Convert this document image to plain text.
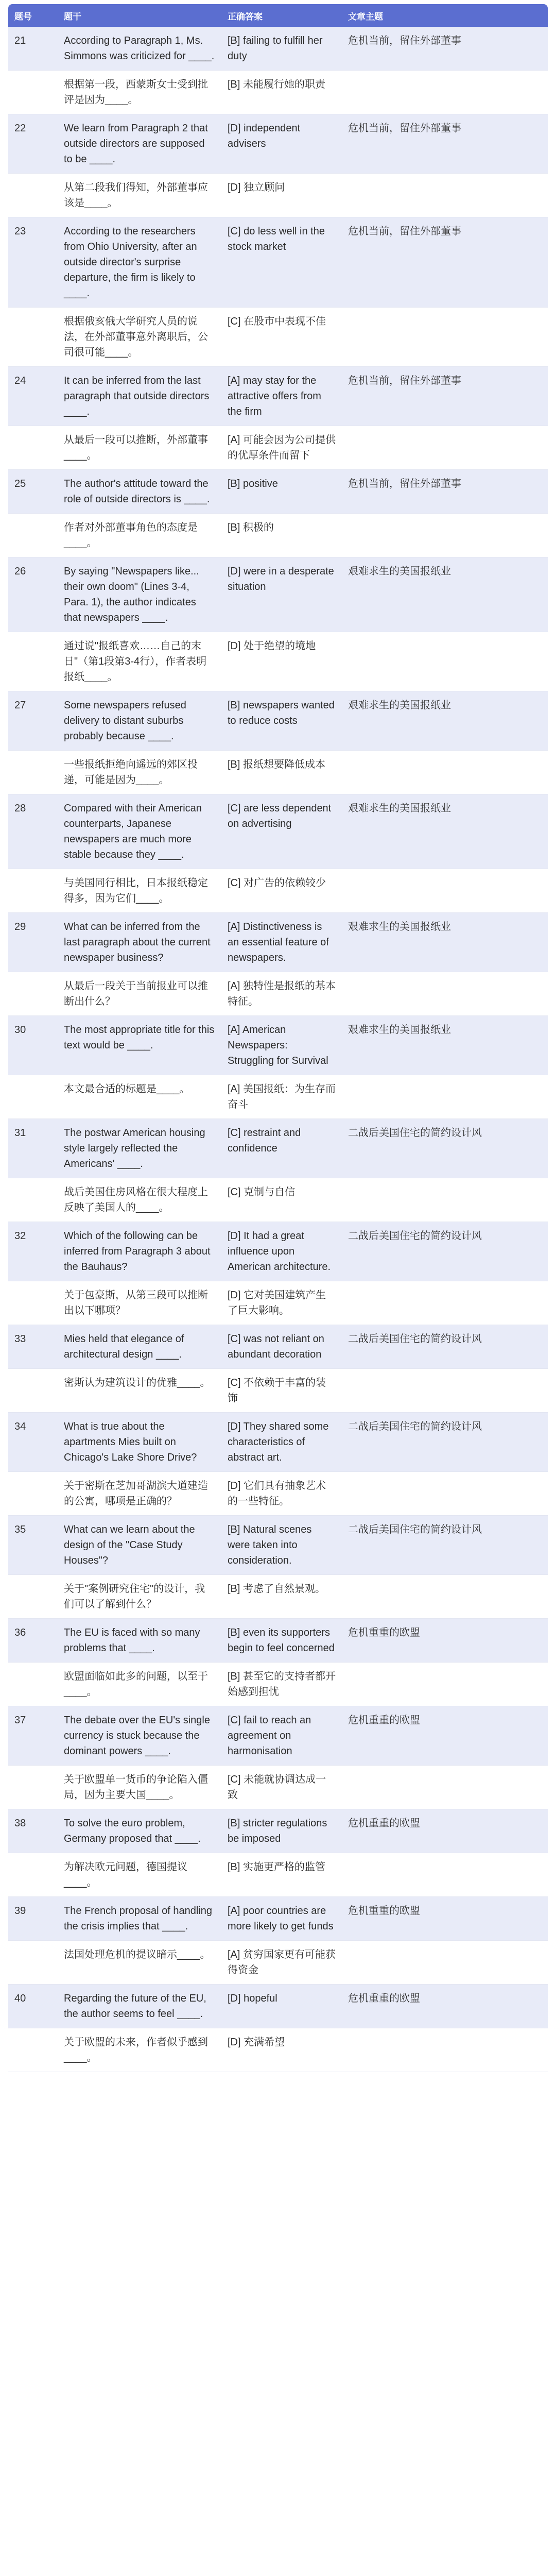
题号	题干	正确答案	文章主题
21	According to Paragraph 1, Ms. Simmons was criticized for ____.	[B] failing to fulfill her duty	危机当前，留住外部董事
	根据第一段，西蒙斯女士受到批评是因为____。	[B] 未能履行她的职责	
22	We learn from Paragraph 2 that outside directors are supposed to be ____.	[D] independent advisers	危机当前，留住外部董事
	从第二段我们得知，外部董事应该是____。	[D] 独立顾问	
23	According to the researchers from Ohio University, after an outside director's surprise departure, the firm is likely to ____.	[C] do less well in the stock market	危机当前，留住外部董事
	根据俄亥俄大学研究人员的说法，在外部董事意外离职后，公司很可能____。	[C] 在股市中表现不佳	
24	It can be inferred from the last paragraph that outside directors ____.	[A] may stay for the attractive offers from the firm	危机当前，留住外部董事
	从最后一段可以推断，外部董事____。	[A] 可能会因为公司提供的优厚条件而留下	
25	The author's attitude toward the role of outside directors is ____.	[B] positive	危机当前，留住外部董事
	作者对外部董事角色的态度是____。	[B] 积极的	
26	By saying "Newspapers like... their own doom" (Lines 3-4, Para. 1), the author indicates that newspapers ____.	[D] were in a desperate situation	艰难求生的美国报纸业
	通过说"报纸喜欢……自己的末日"（第1段第3-4行），作者表明报纸____。	[D] 处于绝望的境地	
27	Some newspapers refused delivery to distant suburbs probably because ____.	[B] newspapers wanted to reduce costs	艰难求生的美国报纸业
	一些报纸拒绝向遥远的郊区投递，可能是因为____。	[B] 报纸想要降低成本	
28	Compared with their American counterparts, Japanese newspapers are much more stable because they ____.	[C] are less dependent on advertising	艰难求生的美国报纸业
	与美国同行相比，日本报纸稳定得多，因为它们____。	[C] 对广告的依赖较少	
29	What can be inferred from the last paragraph about the current newspaper business?	[A] Distinctiveness is an essential feature of newspapers.	艰难求生的美国报纸业
	从最后一段关于当前报业可以推断出什么？	[A] 独特性是报纸的基本特征。	
30	The most appropriate title for this text would be ____.	[A] American Newspapers: Struggling for Survival	艰难求生的美国报纸业
	本文最合适的标题是____。	[A] 美国报纸：为生存而奋斗	
31	The postwar American housing style largely reflected the Americans' ____.	[C] restraint and confidence	二战后美国住宅的简约设计风
	战后美国住房风格在很大程度上反映了美国人的____。	[C] 克制与自信	
32	Which of the following can be inferred from Paragraph 3 about the Bauhaus?	[D] It had a great influence upon American architecture.	二战后美国住宅的简约设计风
	关于包豪斯，从第三段可以推断出以下哪项？	[D] 它对美国建筑产生了巨大影响。	
33	Mies held that elegance of architectural design ____.	[C] was not reliant on abundant decoration	二战后美国住宅的简约设计风
	密斯认为建筑设计的优雅____。	[C] 不依赖于丰富的装饰	
34	What is true about the apartments Mies built on Chicago's Lake Shore Drive?	[D] They shared some characteristics of abstract art.	二战后美国住宅的简约设计风
	关于密斯在芝加哥湖滨大道建造的公寓，哪项是正确的？	[D] 它们具有抽象艺术的一些特征。	
35	What can we learn about the design of the "Case Study Houses"?	[B] Natural scenes were taken into consideration.	二战后美国住宅的简约设计风
	关于"案例研究住宅"的设计，我们可以了解到什么？	[B] 考虑了自然景观。	
36	The EU is faced with so many problems that ____.	[B] even its supporters begin to feel concerned	危机重重的欧盟
	欧盟面临如此多的问题，以至于____。	[B] 甚至它的支持者都开始感到担忧	
37	The debate over the EU's single currency is stuck because the dominant powers ____.	[C] fail to reach an agreement on harmonisation	危机重重的欧盟
	关于欧盟单一货币的争论陷入僵局，因为主要大国____。	[C] 未能就协调达成一致	
38	To solve the euro problem, Germany proposed that ____.	[B] stricter regulations be imposed	危机重重的欧盟
	为解决欧元问题，德国提议____。	[B] 实施更严格的监管	
39	The French proposal of handling the crisis implies that ____.	[A] poor countries are more likely to get funds	危机重重的欧盟
	法国处理危机的提议暗示____。	[A] 贫穷国家更有可能获得资金	
40	Regarding the future of the EU, the author seems to feel ____.	[D] hopeful	危机重重的欧盟
	关于欧盟的未来，作者似乎感到____。	[D] 充满希望	
